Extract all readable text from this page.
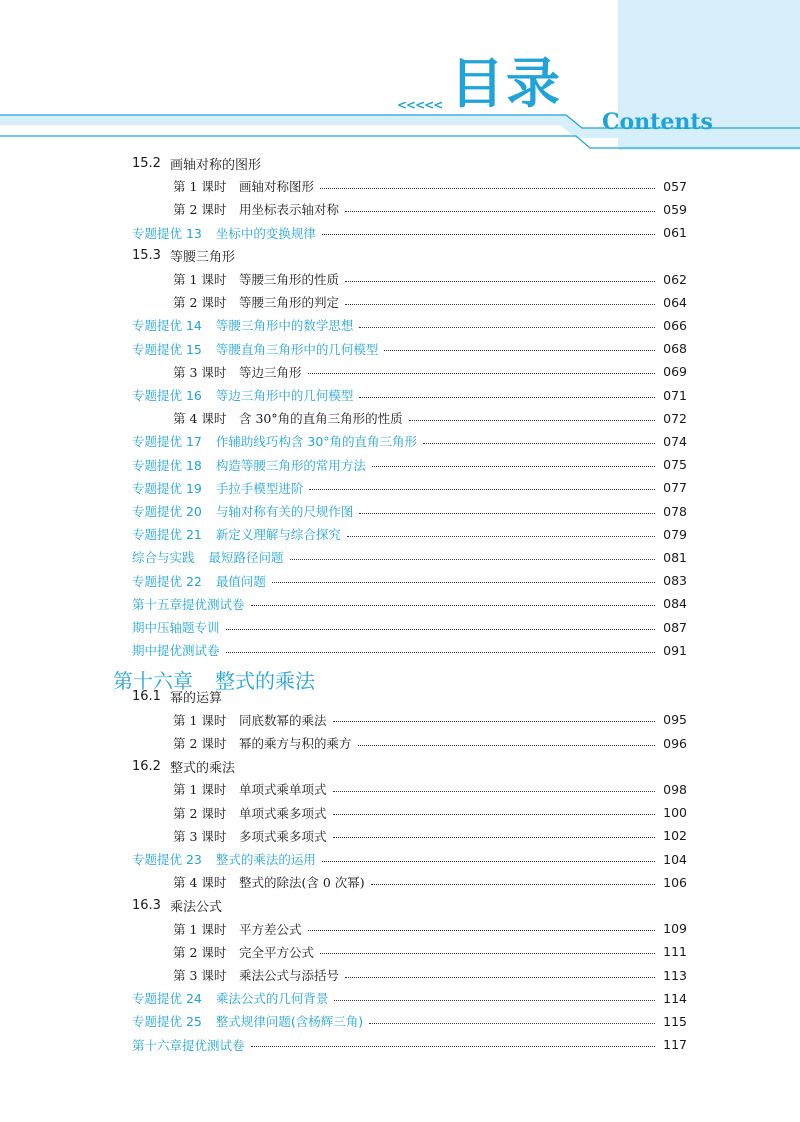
<<<<< 目录
Contents
15.2 画轴对称的图形
第 1 课时	画轴对称图形	057
第 2 课时	用坐标表示轴对称	059
专题提优 13 坐标中的变换规律	061
15.3 等腰三角形
第 1 课时	等腰三角形的性质	062
第 2 课时	等腰三角形的判定	064
专题提优 14 等腰三角形中的数学思想	066
专题提优 15 等腰直角三角形中的几何模型	068
第 3 课时	等边三角形	069
专题提优 16 等边三角形中的几何模型	071
第 4 课时	含 30°角的直角三角形的性质	072
专题提优 17 作辅助线巧构含 30°角的直角三角形	074
专题提优 18 构造等腰三角形的常用方法	075
专题提优 19 手拉手模型进阶	077
专题提优 20 与轴对称有关的尺规作图	078
专题提优 21 新定义理解与综合探究	079
综合与实践 最短路径问题	081
专题提优 22 最值问题	083
第十五章提优测试卷	084
期中压轴题专训	087
期中提优测试卷	091
第十六章 整式的乘法
16.1 幂的运算
第 1 课时	同底数幂的乘法	095
第 2 课时	幂的乘方与积的乘方	096
16.2 整式的乘法
第 1 课时	单项式乘单项式	098
第 2 课时	单项式乘多项式	100
第 3 课时	多项式乘多项式	102
专题提优 23 整式的乘法的运用	104
第 4 课时	整式的除法(含 0 次幂)	106
16.3 乘法公式
第 1 课时	平方差公式	109
第 2 课时	完全平方公式	111
第 3 课时	乘法公式与添括号	113
专题提优 24 乘法公式的几何背景	114
专题提优 25 整式规律问题(含杨辉三角)	115
第十六章提优测试卷	117
